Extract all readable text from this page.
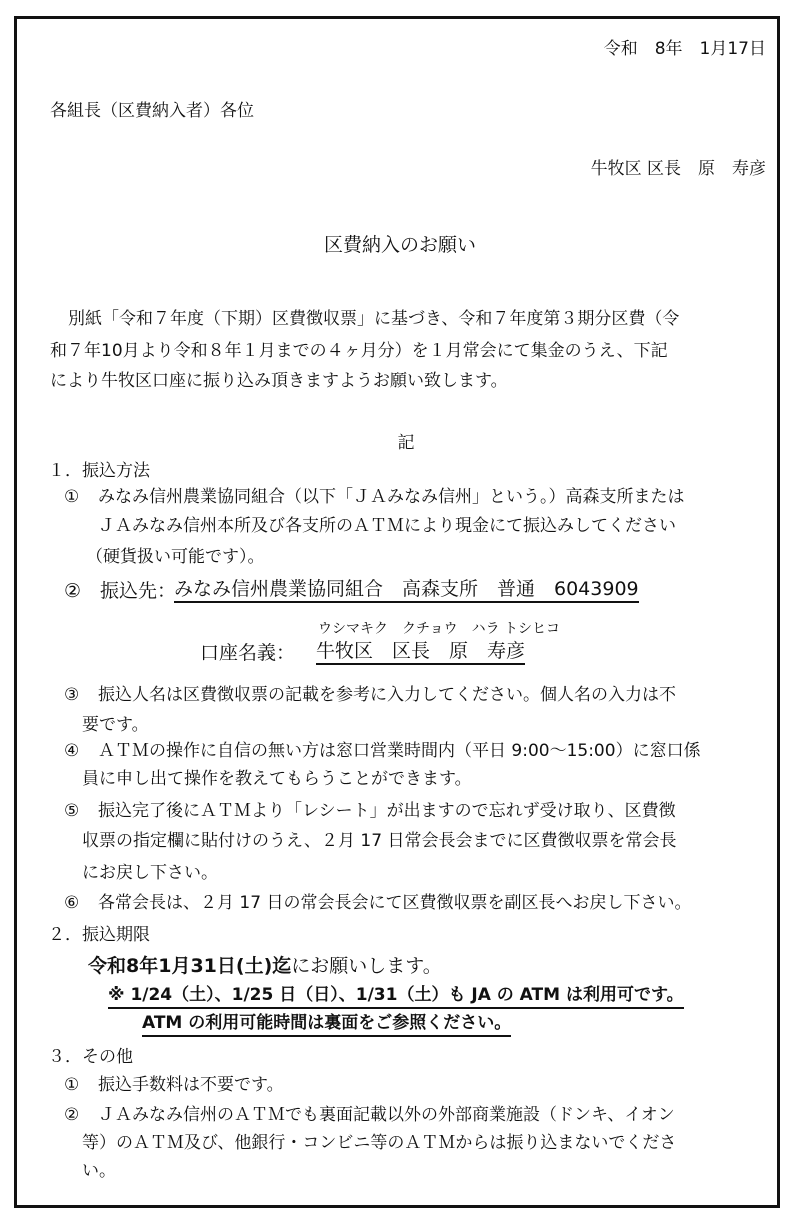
令和　8年　1月17日
各組長（区費納入者）各位
牛牧区 区長　原　寿彦
区費納入のお願い
別紙「令和７年度（下期）区費徴収票」に基づき、令和７年度第３期分区費（令
和７年10月より令和８年１月までの４ヶ月分）を１月常会にて集金のうえ、下記
により牛牧区口座に振り込み頂きますようお願い致します。
記
１．振込方法
① みなみ信州農業協同組合（以下「ＪＡみなみ信州」という。）高森支所または
ＪＡみなみ信州本所及び各支所のＡＴＭにより現金にて振込みしてください
（硬貨扱い可能です）。
② 振込先：
みなみ信州農業協同組合　高森支所　普通　6043909
ウシマキク　クチョウ　ハラ トシヒコ
口座名義： 牛牧区　区長　原　寿彦
③ 振込人名は区費徴収票の記載を参考に入力してください。個人名の入力は不
要です。
④ ＡＴＭの操作に自信の無い方は窓口営業時間内（平日 9:00～15:00）に窓口係
員に申し出て操作を教えてもらうことができます。
⑤ 振込完了後にＡＴＭより「レシート」が出ますので忘れず受け取り、区費徴
収票の指定欄に貼付けのうえ、２月 17 日常会長会までに区費徴収票を常会長
にお戻し下さい。
⑥ 各常会長は、２月 17 日の常会長会にて区費徴収票を副区長へお戻し下さい。
２．振込期限
令和8年1月31日(土)迄にお願いします。
※ 1/24（土）、1/25 日（日）、1/31（土）も JA の ATM は利用可です。
ATM の利用可能時間は裏面をご参照ください。
３．その他
① 振込手数料は不要です。
② ＪＡみなみ信州のＡＴＭでも裏面記載以外の外部商業施設（ドンキ、イオン
等）のＡＴＭ及び、他銀行・コンビニ等のＡＴＭからは振り込まないでくださ
い。
